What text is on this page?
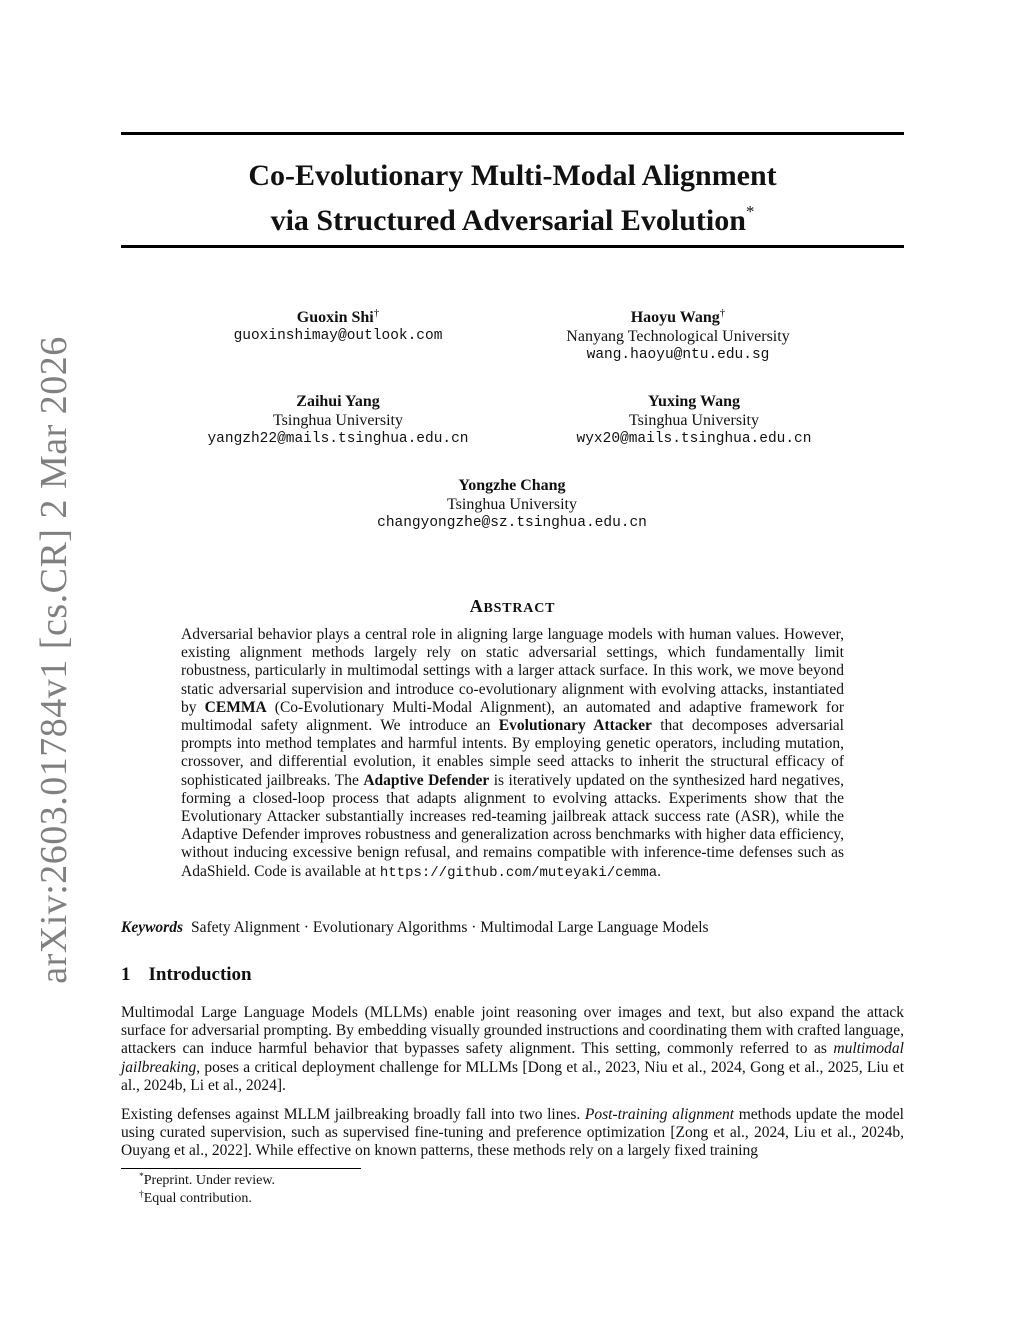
arXiv:2603.01784v1 [cs.CR] 2 Mar 2026
Co-Evolutionary Multi-Modal Alignment
via Structured Adversarial Evolution*
Guoxin Shi†
guoxinshimay@outlook.com
Haoyu Wang†
Nanyang Technological University
wang.haoyu@ntu.edu.sg
Zaihui Yang
Tsinghua University
yangzh22@mails.tsinghua.edu.cn
Yuxing Wang
Tsinghua University
wyx20@mails.tsinghua.edu.cn
Yongzhe Chang
Tsinghua University
changyongzhe@sz.tsinghua.edu.cn
ABSTRACT
Adversarial behavior plays a central role in aligning large language models with human values. However, existing alignment methods largely rely on static adversarial settings, which fundamentally limit robustness, particularly in multimodal settings with a larger attack surface. In this work, we move beyond static adversarial supervision and introduce co-evolutionary alignment with evolving attacks, instantiated by CEMMA (Co-Evolutionary Multi-Modal Alignment), an automated and adaptive framework for multimodal safety alignment. We introduce an Evolutionary Attacker that decomposes adversarial prompts into method templates and harmful intents. By employing genetic operators, including mutation, crossover, and differential evolution, it enables simple seed attacks to inherit the structural efficacy of sophisticated jailbreaks. The Adaptive Defender is iteratively updated on the synthesized hard negatives, forming a closed-loop process that adapts alignment to evolving attacks. Experiments show that the Evolutionary Attacker substantially increases red-teaming jailbreak attack success rate (ASR), while the Adaptive Defender improves robustness and generalization across benchmarks with higher data efficiency, without inducing excessive benign refusal, and remains compatible with inference-time defenses such as AdaShield. Code is available at https://github.com/muteyaki/cemma.
Keywords Safety Alignment · Evolutionary Algorithms · Multimodal Large Language Models
1 Introduction
Multimodal Large Language Models (MLLMs) enable joint reasoning over images and text, but also expand the attack surface for adversarial prompting. By embedding visually grounded instructions and coordinating them with crafted language, attackers can induce harmful behavior that bypasses safety alignment. This setting, commonly referred to as multimodal jailbreaking, poses a critical deployment challenge for MLLMs [Dong et al., 2023, Niu et al., 2024, Gong et al., 2025, Liu et al., 2024b, Li et al., 2024].
Existing defenses against MLLM jailbreaking broadly fall into two lines. Post-training alignment methods update the model using curated supervision, such as supervised fine-tuning and preference optimization [Zong et al., 2024, Liu et al., 2024b, Ouyang et al., 2022]. While effective on known patterns, these methods rely on a largely fixed training
*Preprint. Under review.
†Equal contribution.
